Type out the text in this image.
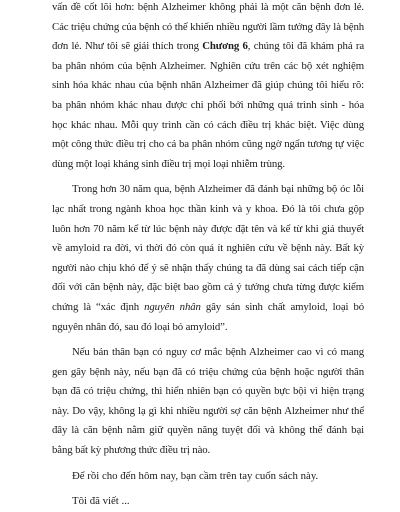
vấn đề cốt lõi hơn: bệnh Alzheimer không phải là một căn bệnh đơn lẻ. Các triệu chứng của bệnh có thể khiến nhiều người lầm tưởng đây là bệnh đơn lẻ. Như tôi sẽ giải thích trong Chương 6, chúng tôi đã khám phá ra ba phân nhóm của bệnh Alzheimer. Nghiên cứu trên các bộ xét nghiệm sinh hóa khác nhau của bệnh nhân Alzheimer đã giúp chúng tôi hiểu rõ: ba phân nhóm khác nhau được chi phối bởi những quá trình sinh - hóa học khác nhau. Mỗi quy trình cần có cách điều trị khác biệt. Việc dùng một công thức điều trị cho cả ba phân nhóm cũng ngờ ngẩn tương tự việc dùng một loại kháng sinh điều trị mọi loại nhiễm trùng.

Trong hơn 30 năm qua, bệnh Alzheimer đã đánh bại những bộ óc lỗi lạc nhất trong ngành khoa học thần kinh và y khoa. Đó là tôi chưa gộp luôn hơn 70 năm kể từ lúc bệnh này được đặt tên và kể từ khi giả thuyết về amyloid ra đời, vì thời đó còn quá ít nghiên cứu về bệnh này. Bất kỳ người nào chịu khó để ý sẽ nhận thấy chúng ta đã dùng sai cách tiếp cận đối với căn bệnh này, đặc biệt bao gồm cả ý tưởng chưa từng được kiểm chứng là “xác định nguyên nhân gây sản sinh chất amyloid, loại bỏ nguyên nhân đó, sau đó loại bỏ amyloid”.

Nếu bản thân bạn có nguy cơ mắc bệnh Alzheimer cao vì có mang gen gây bệnh này, nếu bạn đã có triệu chứng của bệnh hoặc người thân bạn đã có triệu chứng, thì hiển nhiên bạn có quyền bực bội vì hiện trạng này. Do vậy, không lạ gì khi nhiều người sợ căn bệnh Alzheimer như thể đây là căn bệnh nằm giữ quyền năng tuyệt đối và không thể đánh bại bằng bất kỳ phương thức điều trị nào.

Để rồi cho đến hôm nay, bạn cầm trên tay cuốn sách này.

Tôi đã viết ...
